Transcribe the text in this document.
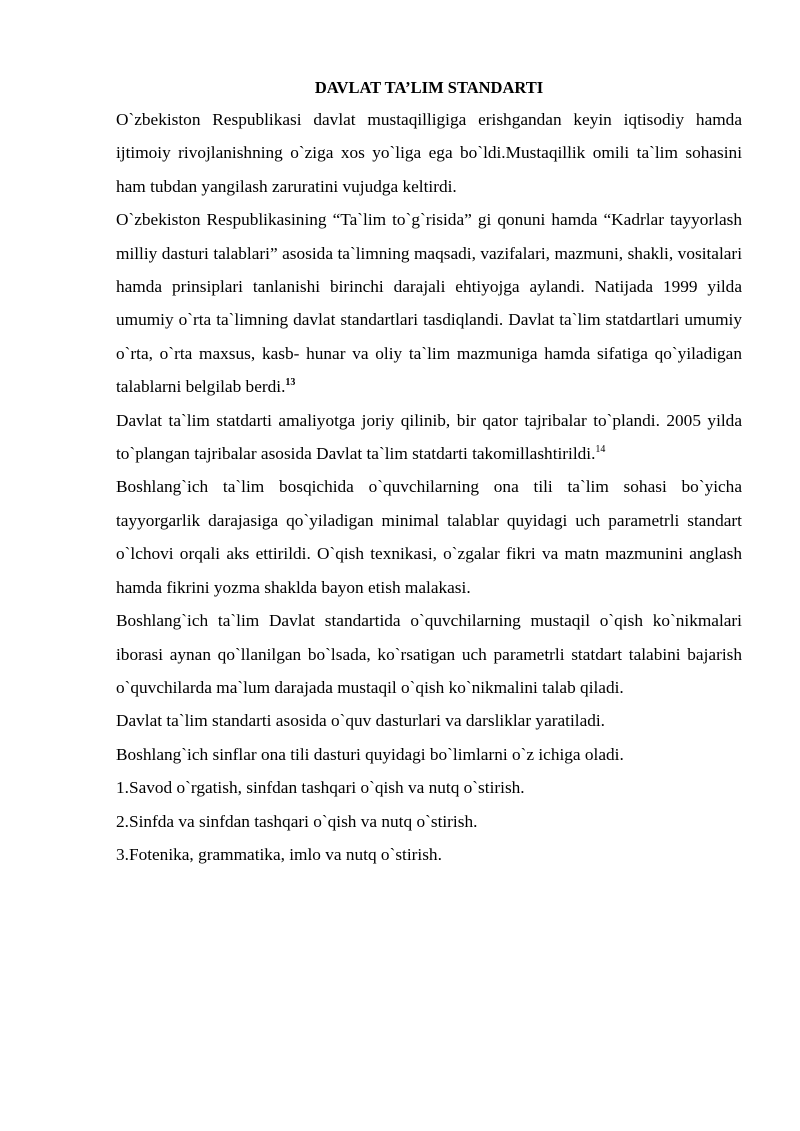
DAVLAT TA’LIM STANDARTI

O`zbekiston Respublikasi davlat mustaqilligiga erishgandan keyin iqtisodiy hamda ijtimoiy rivojlanishning o`ziga xos yo`liga ega bo`ldi.Mustaqillik omili ta`lim sohasini ham tubdan yangilash zaruratini vujudga keltirdi.

O`zbekiston Respublikasining “Ta`lim to`g`risida” gi qonuni hamda “Kadrlar tayyorlash milliy dasturi talablari” asosida ta`limning maqsadi, vazifalari, mazmuni, shakli, vositalari hamda prinsiplari tanlanishi birinchi darajali ehtiyojga aylandi. Natijada 1999 yilda umumiy o`rta ta`limning davlat standartlari tasdiqlandi. Davlat ta`lim statdartlari umumiy o`rta, o`rta maxsus, kasb- hunar va oliy ta`lim mazmuniga hamda sifatiga qo`yiladigan talablarni belgilab berdi.$^{13}$

Davlat ta`lim statdarti amaliyotga joriy qilinib, bir qator tajribalar to`plandi. 2005 yilda to`plangan tajribalar asosida Davlat ta`lim statdarti takomillashtirildi.$^{14}$

Boshlang`ich ta`lim bosqichida o`quvchilarning ona tili ta`lim sohasi bo`yicha tayyorgarlik darajasiga qo`yiladigan minimal talablar quyidagi uch parametrli standart o`lchovi orqali aks ettirildi. O`qish texnikasi, o`zgalar fikri va matn mazmunini anglash hamda fikrini yozma shaklda bayon etish malakasi.

Boshlang`ich ta`lim Davlat standartida o`quvchilarning mustaqil o`qish ko`nikmalari iborasi aynan qo`llanilgan bo`lsada, ko`rsatigan uch parametrli statdart talabini bajarish o`quvchilarda ma`lum darajada mustaqil o`qish ko`nikmalini talab qiladi.

Davlat ta`lim standarti asosida o`quv dasturlari va darsliklar yaratiladi.

Boshlang`ich sinflar ona tili dasturi quyidagi bo`limlarni o`z ichiga oladi.

1.Savod o`rgatish, sinfdan tashqari o`qish va nutq o`stirish.

2.Sinfda va sinfdan tashqari o`qish va nutq o`stirish.

3.Fotenika, grammatika, imlo va nutq o`stirish.
